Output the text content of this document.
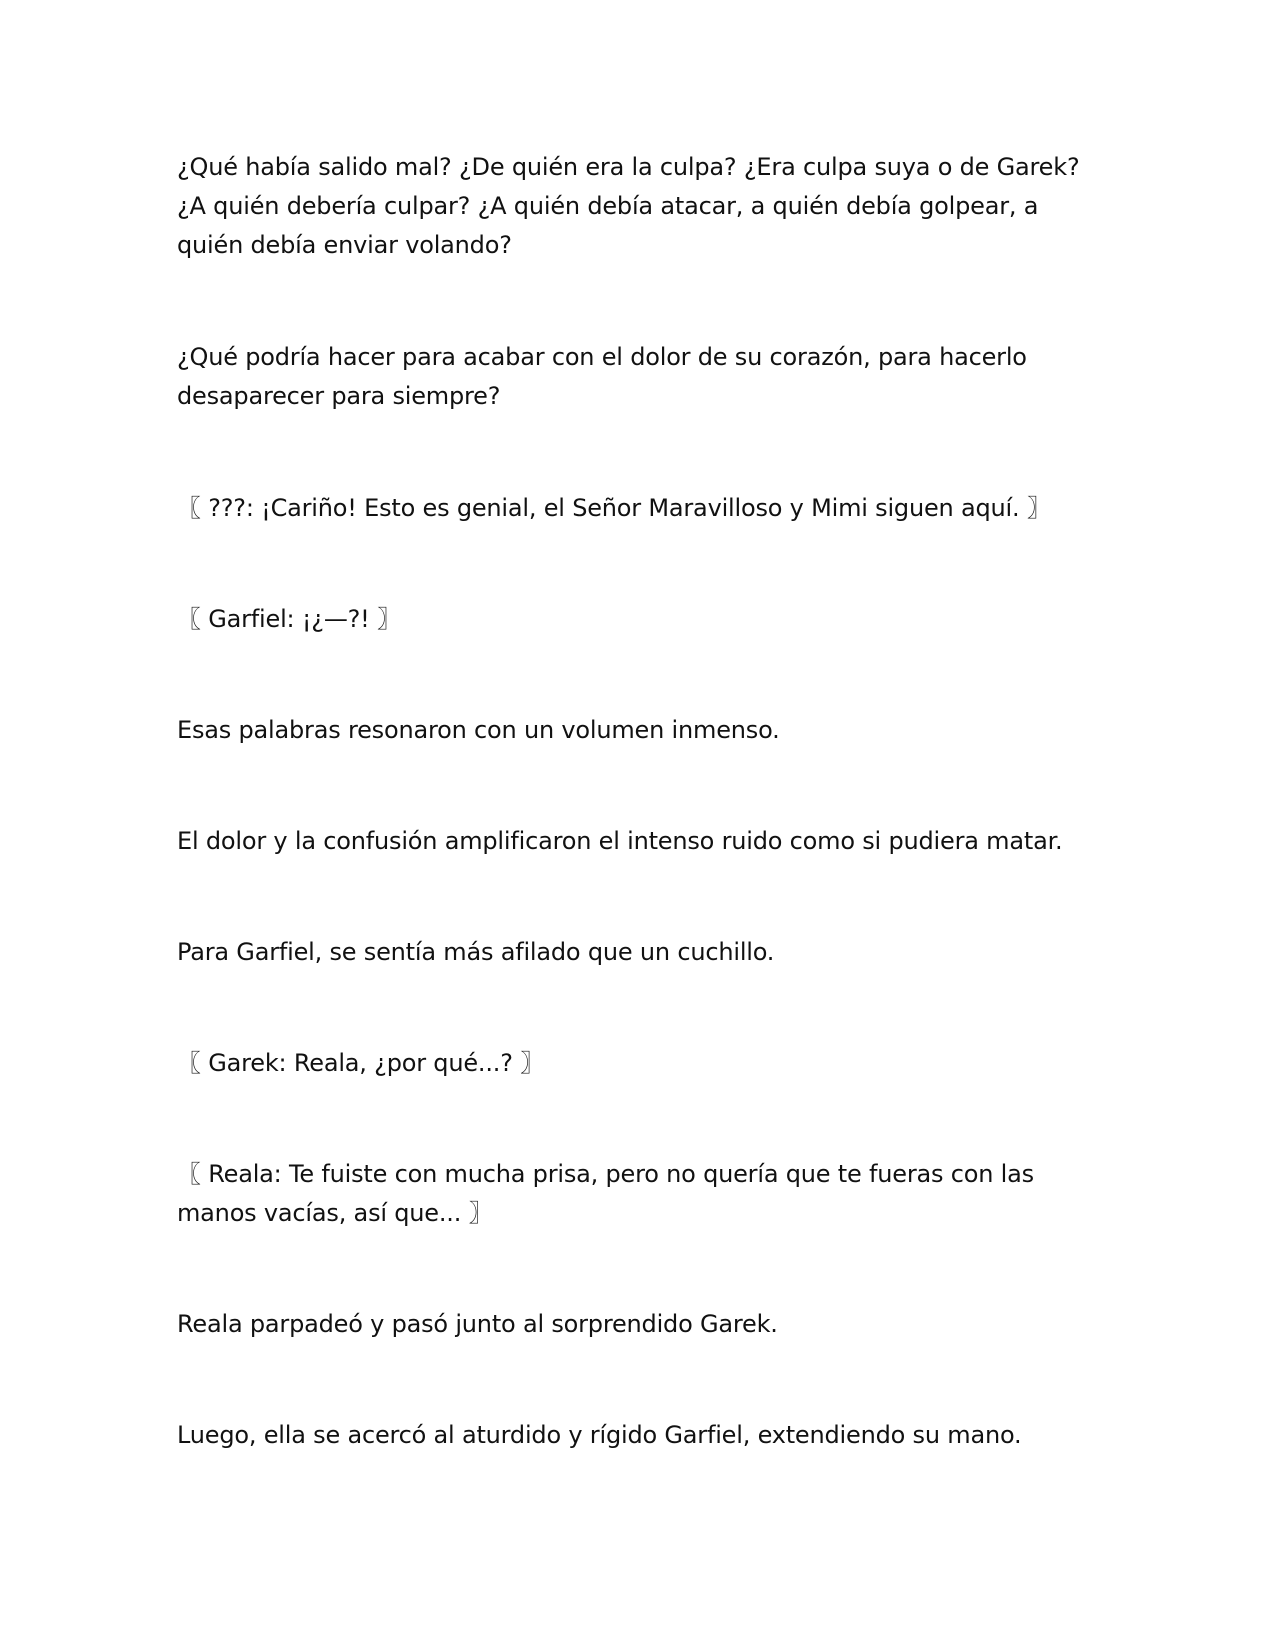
¿Qué había salido mal? ¿De quién era la culpa? ¿Era culpa suya o de Garek? ¿A quién debería culpar? ¿A quién debía atacar, a quién debía golpear, a quién debía enviar volando?

¿Qué podría hacer para acabar con el dolor de su corazón, para hacerlo desaparecer para siempre?

〖 ???: ¡Cariño! Esto es genial, el Señor Maravilloso y Mimi siguen aquí. 〗

〖 Garfiel: ¡¿—?! 〗

Esas palabras resonaron con un volumen inmenso.

El dolor y la confusión amplificaron el intenso ruido como si pudiera matar.

Para Garfiel, se sentía más afilado que un cuchillo.

〖 Garek: Reala, ¿por qué...? 〗

〖 Reala: Te fuiste con mucha prisa, pero no quería que te fueras con las manos vacías, así que... 〗

Reala parpadeó y pasó junto al sorprendido Garek.

Luego, ella se acercó al aturdido y rígido Garfiel, extendiendo su mano.
